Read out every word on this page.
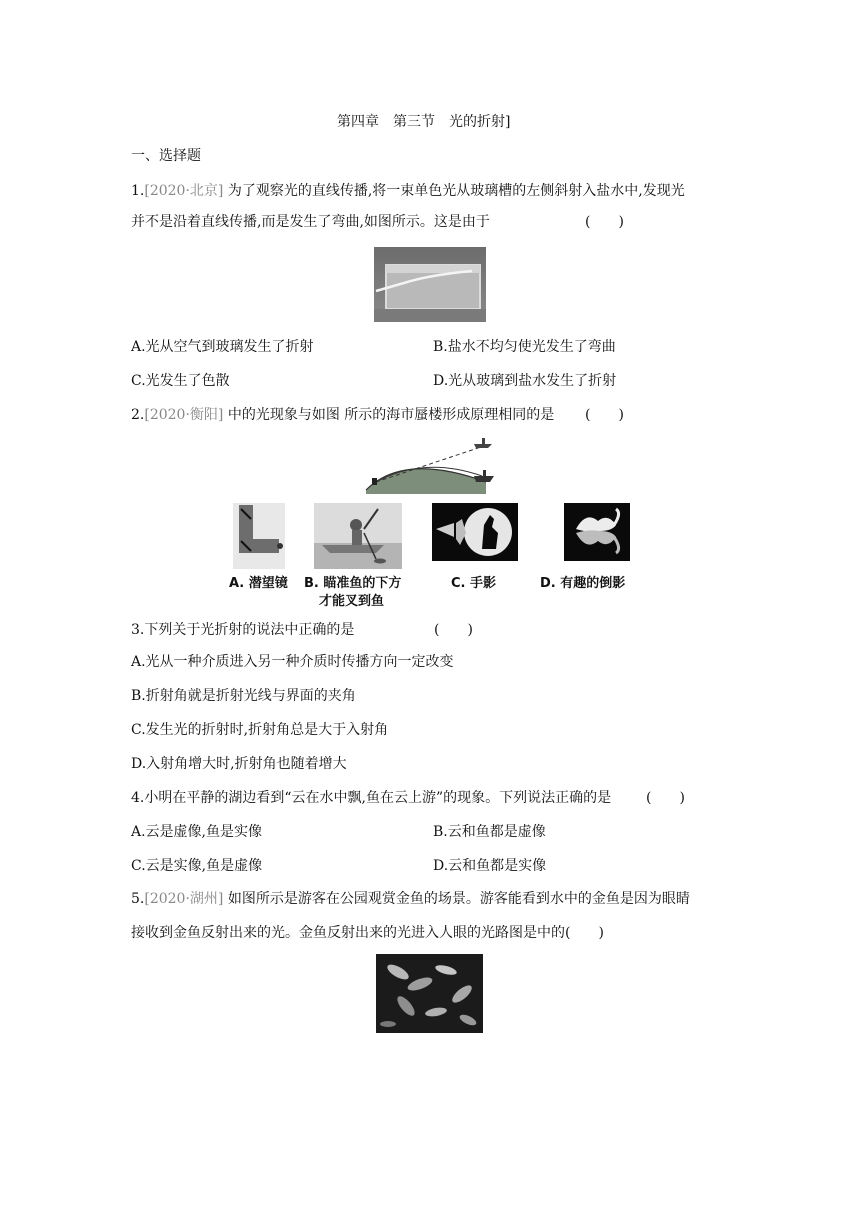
第四章　第三节　光的折射]
一、选择题
1.[2020·北京] 为了观察光的直线传播,将一束单色光从玻璃槽的左侧斜射入盐水中,发现光
并不是沿着直线传播,而是发生了弯曲,如图所示。这是由于	(　　)
A.光从空气到玻璃发生了折射	B.盐水不均匀使光发生了弯曲
C.光发生了色散	D.光从玻璃到盐水发生了折射
2.[2020·衡阳] 中的光现象与如图 所示的海市蜃楼形成原理相同的是 (　　)
A. 潜望镜 B. 瞄准鱼的下方
才能叉到鱼
C. 手影	D. 有趣的倒影
3.下列关于光折射的说法中正确的是	(　　)
A.光从一种介质进入另一种介质时传播方向一定改变
B.折射角就是折射光线与界面的夹角
C.发生光的折射时,折射角总是大于入射角
D.入射角增大时,折射角也随着增大
4.小明在平静的湖边看到“云在水中飘,鱼在云上游”的现象。下列说法正确的是 (　　)
A.云是虚像,鱼是实像	B.云和鱼都是虚像
C.云是实像,鱼是虚像	D.云和鱼都是实像
5.[2020·湖州] 如图所示是游客在公园观赏金鱼的场景。游客能看到水中的金鱼是因为眼睛
接收到金鱼反射出来的光。金鱼反射出来的光进入人眼的光路图是中的(　　)
